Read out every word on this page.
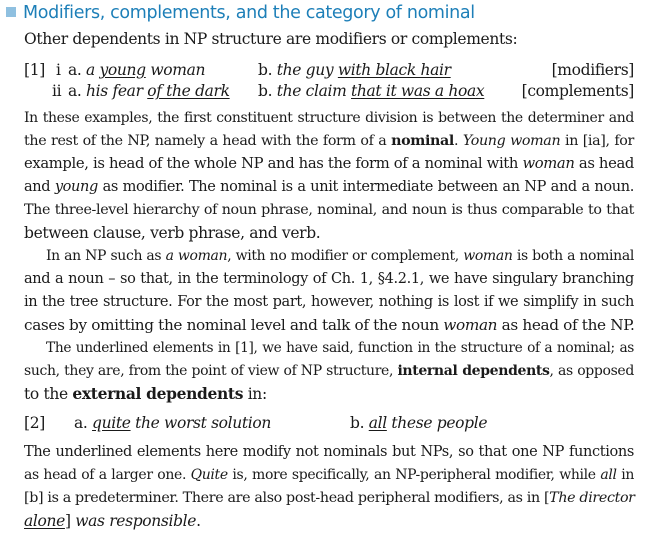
Modifiers, complements, and the category of nominal
Other dependents in NP structure are modifiers or complements:
[1] i a. a young woman	b. the guy with black hair	[modifiers]
ii a. his fear of the dark b. the claim that it was a hoax [complements]
In these examples, the first constituent structure division is between the determiner and
the rest of the NP, namely a head with the form of a nominal. Young woman in [ia], for
example, is head of the whole NP and has the form of a nominal with woman as head
and young as modifier. The nominal is a unit intermediate between an NP and a noun.
The three-level hierarchy of noun phrase, nominal, and noun is thus comparable to that
between clause, verb phrase, and verb.
In an NP such as a woman, with no modifier or complement, woman is both a nominal
and a noun – so that, in the terminology of Ch. 1, §4.2.1, we have singulary branching
in the tree structure. For the most part, however, nothing is lost if we simplify in such
cases by omitting the nominal level and talk of the noun woman as head of the NP.
The underlined elements in [1], we have said, function in the structure of a nominal; as
such, they are, from the point of view of NP structure, internal dependents, as opposed
to the external dependents in:
[2] a. quite the worst solution	b. all these people
The underlined elements here modify not nominals but NPs, so that one NP functions
as head of a larger one. Quite is, more specifically, an NP-peripheral modifier, while all in
[b] is a predeterminer. There are also post-head peripheral modifiers, as in [The director
alone] was responsible.
